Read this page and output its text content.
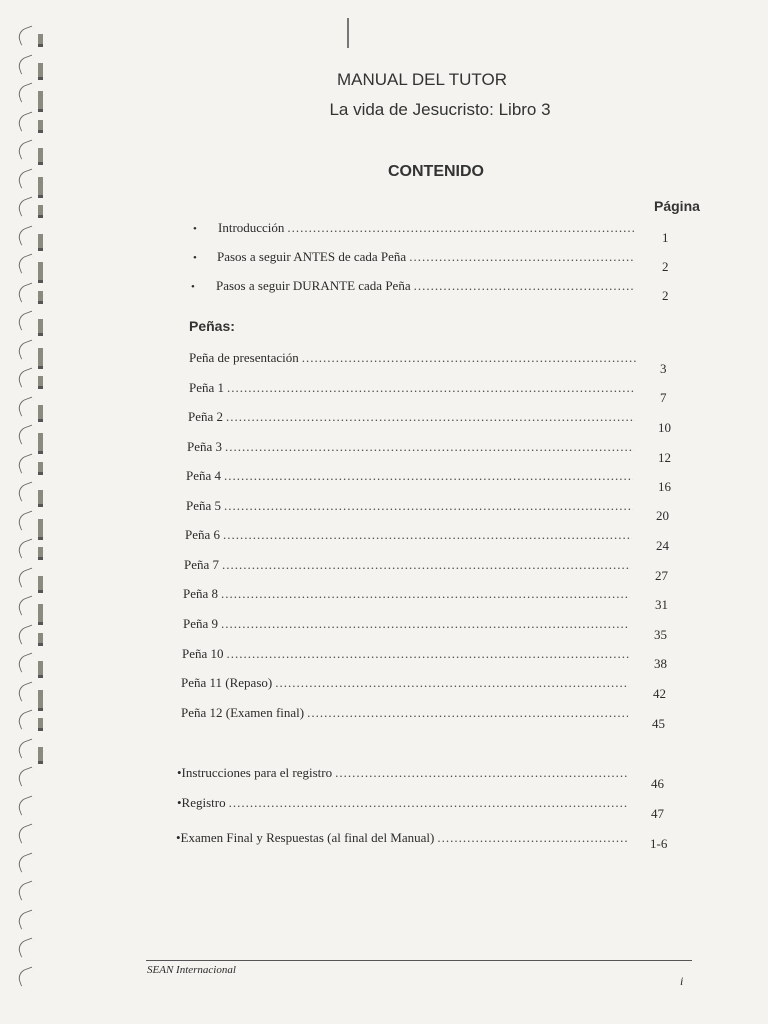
MANUAL DEL TUTOR
La vida de Jesucristo: Libro 3
CONTENIDO
Página
• Introducción
.....
1
• Pasos a seguir ANTES de cada Peña
.....
2
• Pasos a seguir DURANTE cada Peña
.....
2
Peñas:
Peña de presentación
.....
3
Peña 1
.....
7
Peña 2
.....
10
Peña 3
.....
12
Peña 4
.....
16
Peña 5
.....
20
Peña 6
.....
24
Peña 7
.....
27
Peña 8
.....
31
Peña 9
.....
35
Peña 10
.....
38
Peña 11 (Repaso)
.....
42
Peña 12 (Examen final)
.....
45
•Instrucciones para el registro
.....
46
•Registro
.....
47
•Examen Final y Respuestas (al final del Manual)
.....	1-6
SEAN Internacional
i
